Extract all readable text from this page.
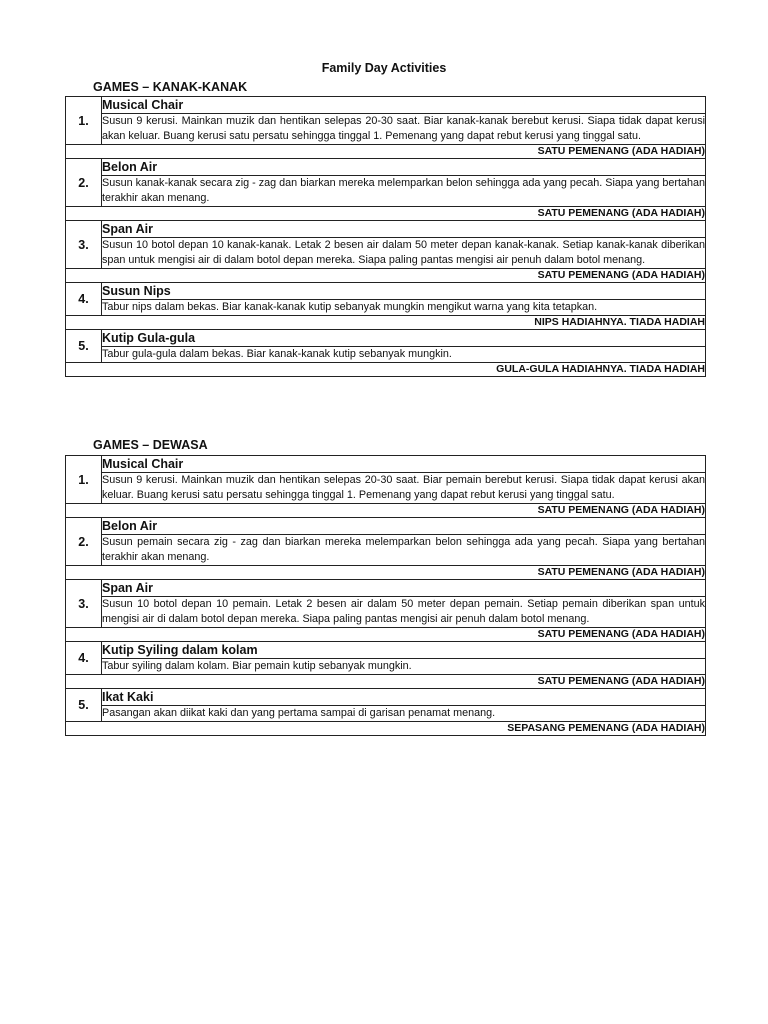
Family Day Activities
GAMES – KANAK-KANAK
1.	Musical Chair
	Susun 9 kerusi. Mainkan muzik dan hentikan selepas 20-30 saat. Biar kanak-kanak berebut kerusi. Siapa tidak dapat kerusi akan keluar. Buang kerusi satu persatu sehingga tinggal 1. Pemenang yang dapat rebut kerusi yang tinggal satu.
SATU PEMENANG (ADA HADIAH)	
2.	Belon Air
	Susun kanak-kanak secara zig - zag dan biarkan mereka melemparkan belon sehingga ada yang pecah. Siapa yang bertahan terakhir akan menang.
SATU PEMENANG (ADA HADIAH)	
3.	Span Air
	Susun 10 botol depan 10 kanak-kanak. Letak 2 besen air dalam 50 meter depan kanak-kanak. Setiap kanak-kanak diberikan span untuk mengisi air di dalam botol depan mereka. Siapa paling pantas mengisi air penuh dalam botol menang.
SATU PEMENANG (ADA HADIAH)	
4.	Susun Nips
	Tabur nips dalam bekas. Biar kanak-kanak kutip sebanyak mungkin mengikut warna yang kita tetapkan.
NIPS HADIAHNYA. TIADA HADIAH	
5.	Kutip Gula-gula
	Tabur gula-gula dalam bekas. Biar kanak-kanak kutip sebanyak mungkin.
GULA-GULA HADIAHNYA. TIADA HADIAH	
GAMES – DEWASA
1.	Musical Chair
	Susun 9 kerusi. Mainkan muzik dan hentikan selepas 20-30 saat. Biar pemain berebut kerusi. Siapa tidak dapat kerusi akan keluar. Buang kerusi satu persatu sehingga tinggal 1. Pemenang yang dapat rebut kerusi yang tinggal satu.
SATU PEMENANG (ADA HADIAH)	
2.	Belon Air
	Susun pemain secara zig - zag dan biarkan mereka melemparkan belon sehingga ada yang pecah. Siapa yang bertahan terakhir akan menang.
SATU PEMENANG (ADA HADIAH)	
3.	Span Air
	Susun 10 botol depan 10 pemain. Letak 2 besen air dalam 50 meter depan pemain. Setiap pemain diberikan span untuk mengisi air di dalam botol depan mereka. Siapa paling pantas mengisi air penuh dalam botol menang.
SATU PEMENANG (ADA HADIAH)	
4.	Kutip Syiling dalam kolam
	Tabur syiling dalam kolam. Biar pemain kutip sebanyak mungkin.
SATU PEMENANG (ADA HADIAH)	
5.	Ikat Kaki
	Pasangan akan diikat kaki dan yang pertama sampai di garisan penamat menang.
SEPASANG PEMENANG (ADA HADIAH)	
